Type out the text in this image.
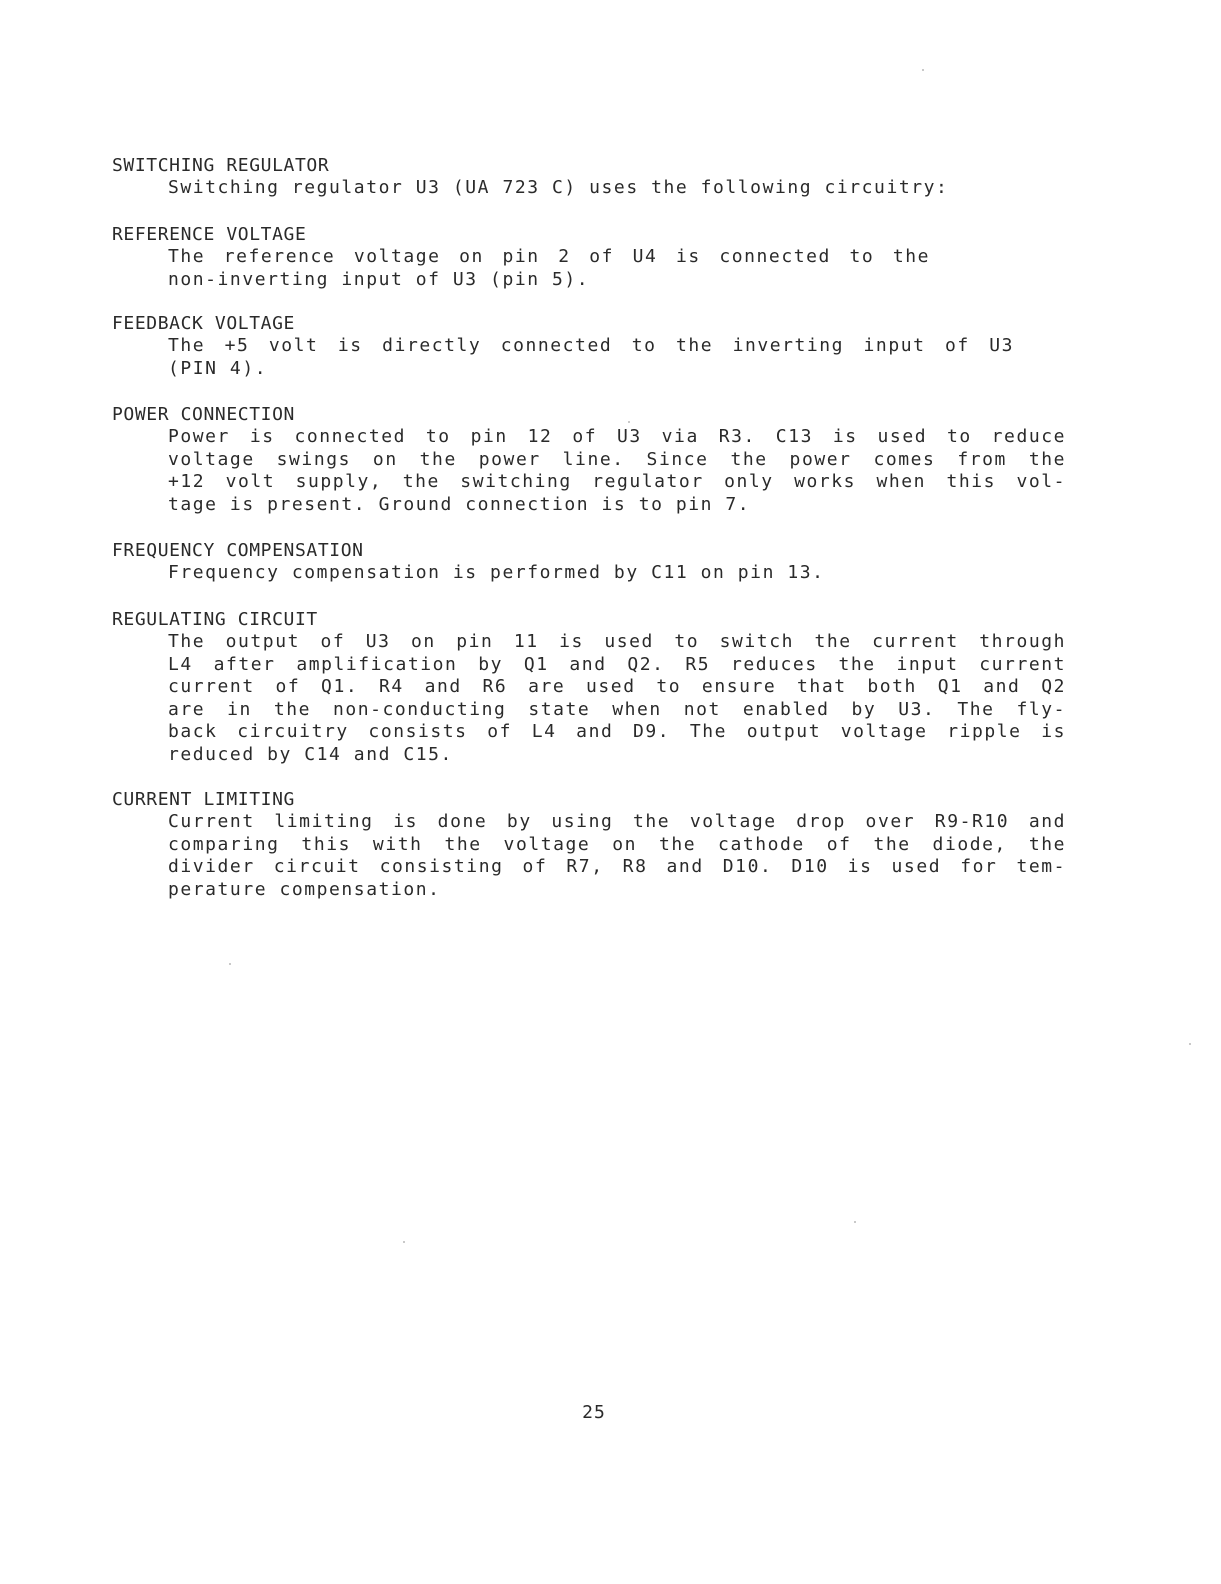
SWITCHING REGULATOR
Switching regulator U3 (UA 723 C) uses the following circuitry:
REFERENCE VOLTAGE
The reference voltage on pin 2 of U4 is connected to the
non-inverting input of U3 (pin 5).
FEEDBACK VOLTAGE
The +5 volt is directly connected to the inverting input of U3
(PIN 4).
POWER CONNECTION
Power is connected to pin 12 of U3 via R3. C13 is used to reduce
voltage swings on the power line. Since the power comes from the
+12 volt supply, the switching regulator only works when this vol-
tage is present. Ground connection is to pin 7.
FREQUENCY COMPENSATION
Frequency compensation is performed by C11 on pin 13.
REGULATING CIRCUIT
The output of U3 on pin 11 is used to switch the current through
L4 after amplification by Q1 and Q2. R5 reduces the input current
current of Q1. R4 and R6 are used to ensure that both Q1 and Q2
are in the non-conducting state when not enabled by U3. The fly-
back circuitry consists of L4 and D9. The output voltage ripple is
reduced by C14 and C15.
CURRENT LIMITING
Current limiting is done by using the voltage drop over R9-R10 and
comparing this with the voltage on the cathode of the diode, the
divider circuit consisting of R7, R8 and D10. D10 is used for tem-
perature compensation.
25
